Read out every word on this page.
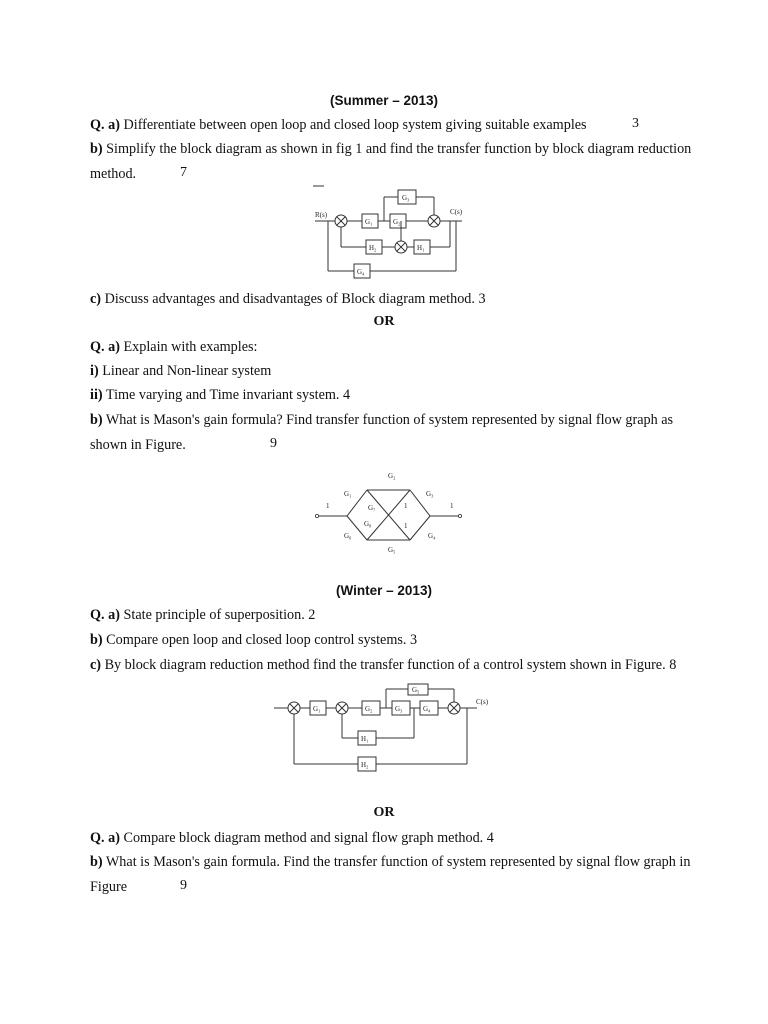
(Summer – 2013)
Q. a) Differentiate between open loop and closed loop system giving suitable examples	3
b) Simplify the block diagram as shown in fig 1 and find the transfer function by block diagram reduction
method.	7
R(s)
G₁	G₂
C(s)
G₃
H₁
H₂
G₄
c) Discuss advantages and disadvantages of Block diagram method. 3
OR
Q. a) Explain with examples:
i) Linear and Non-linear system
ii) Time varying and Time invariant system. 4
b) What is Mason's gain formula? Find transfer function of system represented by signal flow graph as
shown in Figure.	9
1	1
G₂
G₁	G₃
G₇	1
G₈	1
G₆
G₅
G₄
(Winter – 2013)
Q. a) State principle of superposition. 2
b) Compare open loop and closed loop control systems. 3
c) By block diagram reduction method find the transfer function of a control system shown in Figure. 8
G₁	G₂	G₃	G₄
C(s)
G₅
H₁
H₂
OR
Q. a) Compare block diagram method and signal flow graph method. 4
b) What is Mason's gain formula. Find the transfer function of system represented by signal flow graph in
Figure	9
